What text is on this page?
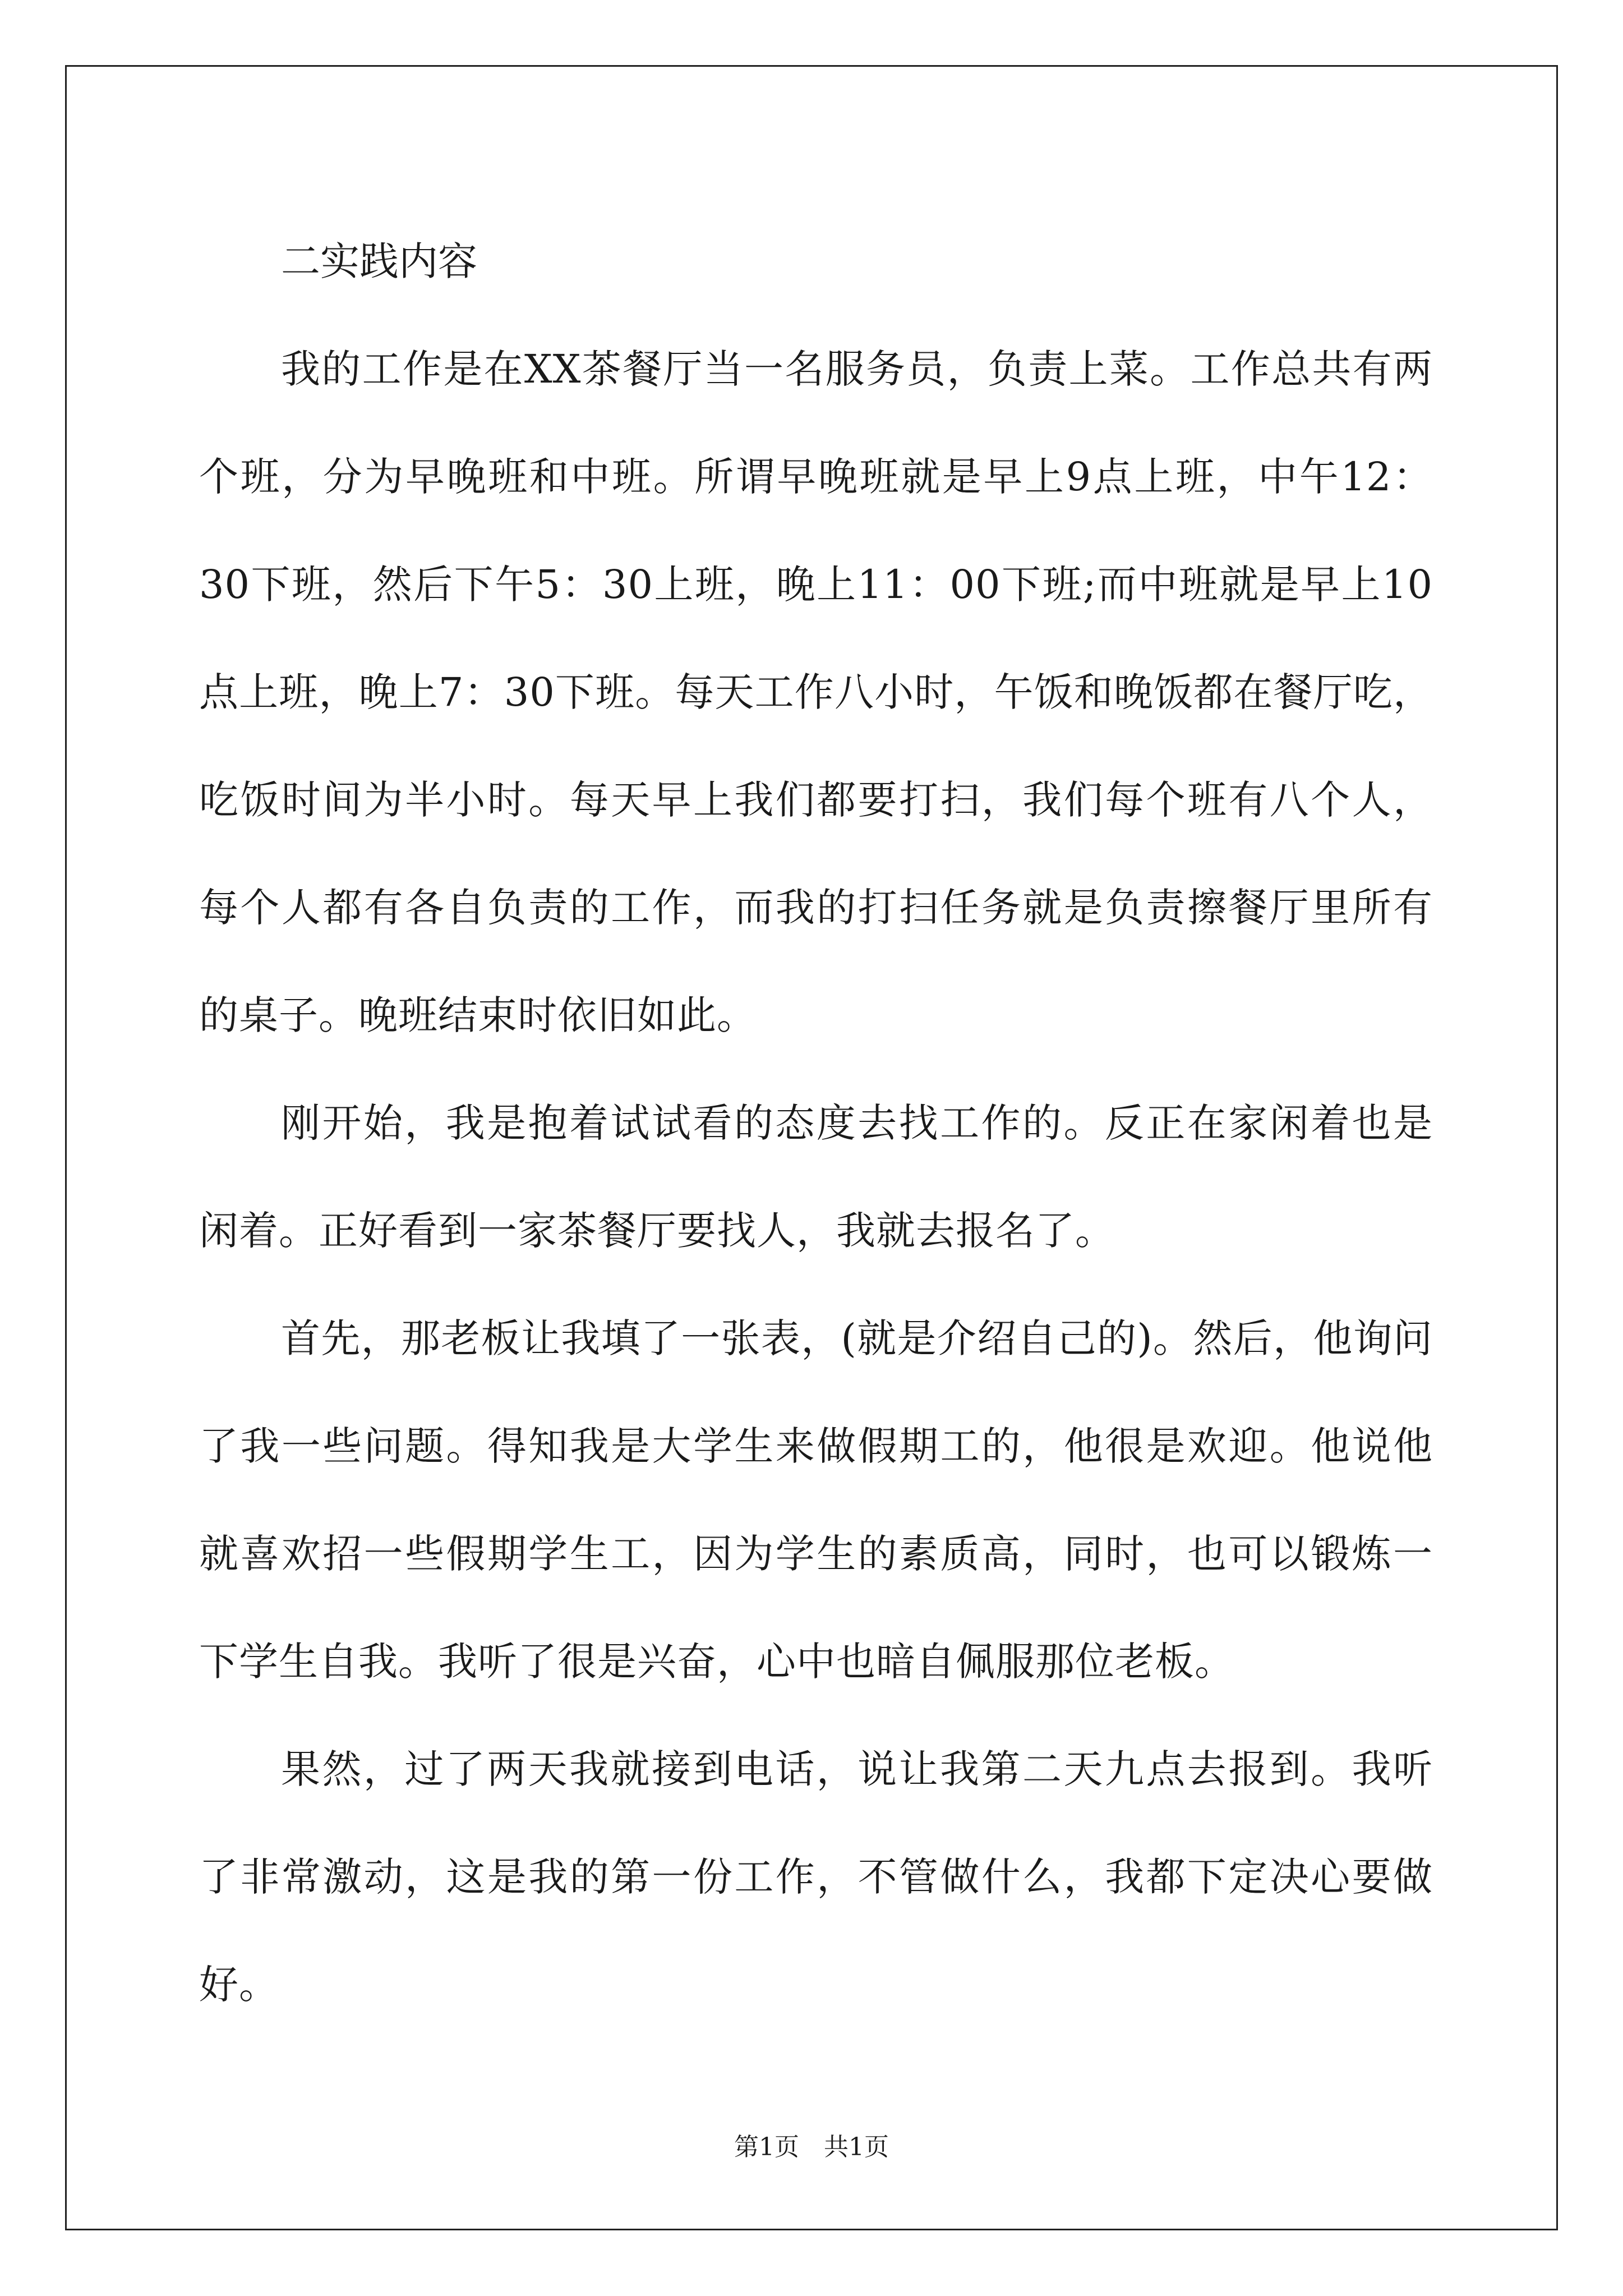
二实践内容

我的工作是在XX茶餐厅当一名服务员，负责上菜。工作总共有两个班，分为早晚班和中班。所谓早晚班就是早上9点上班，中午12：30下班，然后下午5：30上班，晚上11：00下班;而中班就是早上10点上班，晚上7：30下班。每天工作八小时，午饭和晚饭都在餐厅吃，吃饭时间为半小时。每天早上我们都要打扫，我们每个班有八个人，每个人都有各自负责的工作，而我的打扫任务就是负责擦餐厅里所有的桌子。晚班结束时依旧如此。

刚开始，我是抱着试试看的态度去找工作的。反正在家闲着也是闲着。正好看到一家茶餐厅要找人，我就去报名了。

首先，那老板让我填了一张表，(就是介绍自己的)。然后，他询问了我一些问题。得知我是大学生来做假期工的，他很是欢迎。他说他就喜欢招一些假期学生工，因为学生的素质高，同时，也可以锻炼一下学生自我。我听了很是兴奋，心中也暗自佩服那位老板。

果然，过了两天我就接到电话，说让我第二天九点去报到。我听了非常激动，这是我的第一份工作，不管做什么，我都下定决心要做好。

第1页　共1页
